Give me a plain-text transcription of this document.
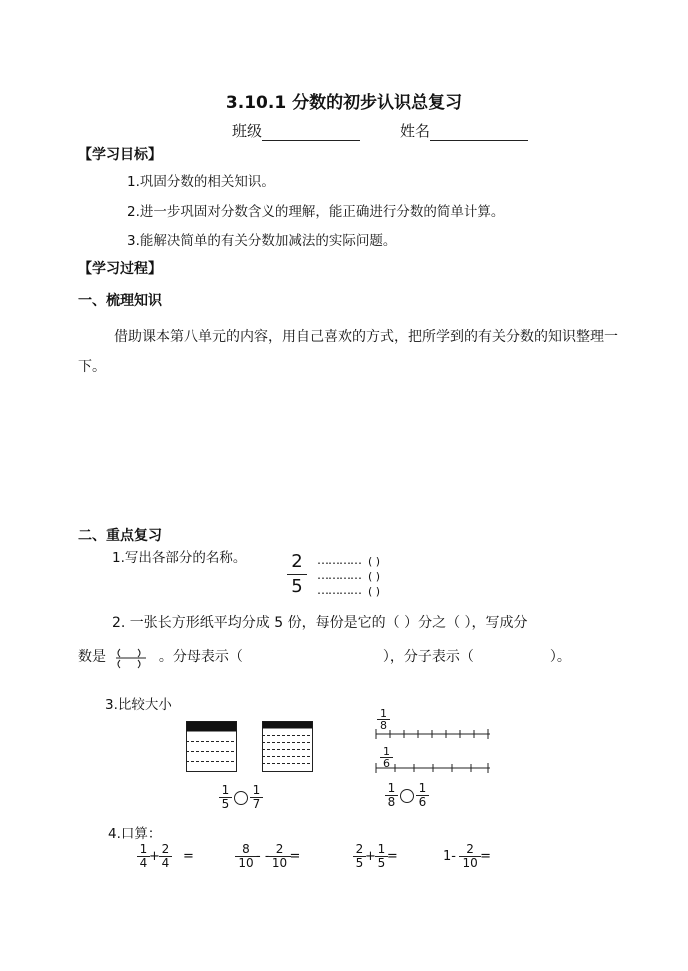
3.10.1 分数的初步认识总复习
班级	姓名
【学习目标】
1.巩固分数的相关知识。
2.进一步巩固对分数含义的理解，能正确进行分数的简单计算。
3.能解决简单的有关分数加减法的实际问题。
【学习过程】
一、梳理知识
借助课本第八单元的内容，用自己喜欢的方式，把所学到的有关分数的知识整理一下。
二、重点复习
1.写出各部分的名称。 2
5
………… ( )
………… ( )
………… ( )
2. 一张长方形纸平均分成 5 份，每份是它的（ ）分之（ ），写成分
数是	。分母表示（	），分子表示（	）。
3.比较大小
$\frac{1}{5} \frac{1}{7}$
$\frac{1}{8}$
$\frac{1}{6}$
$\frac{1}{8} \frac{1}{6}$
4.口算：
$\frac{1}{4} + \frac{2}{4}$ =	$\frac{8}{10}$ - - $\frac{2}{10}$ =	$\frac{2}{5} + \frac{1}{5}$ =	$1- \frac{2}{10}$ =
